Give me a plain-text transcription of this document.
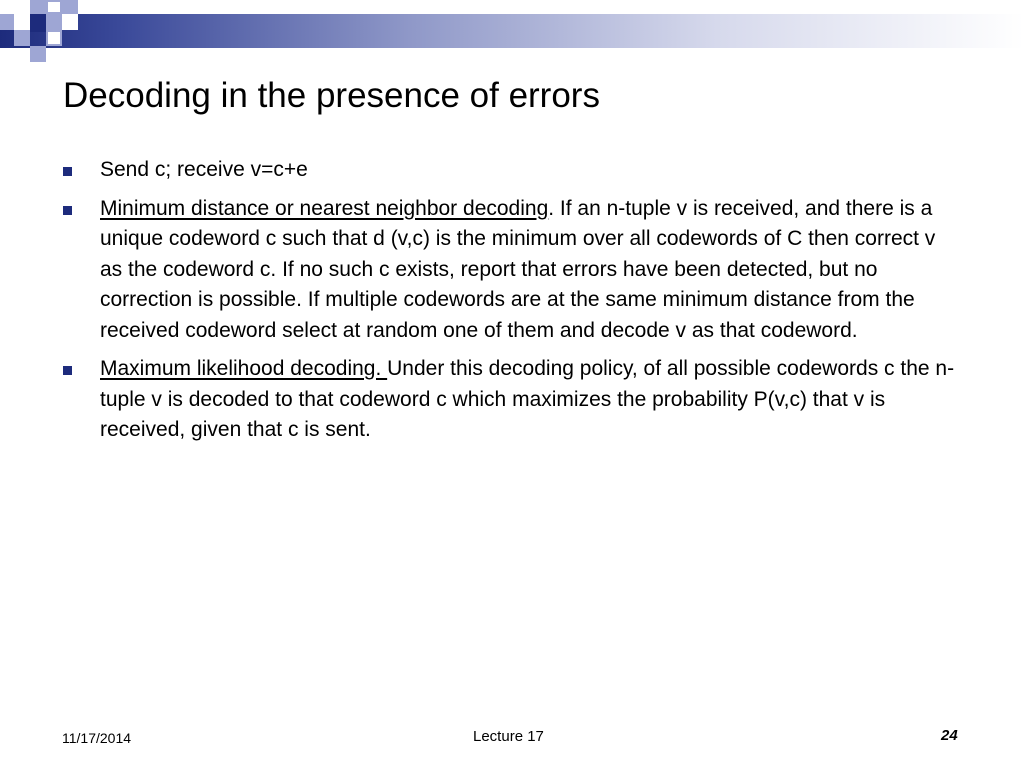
Decoding in the presence of errors
Send c; receive v=c+e
Minimum distance or nearest neighbor decoding. If an n-tuple v is received, and there is a unique codeword c such that d (v,c) is the minimum over all codewords of C then correct v as the codeword c. If no such c exists, report that errors have been detected, but no correction is possible. If multiple codewords are at the same minimum distance from the received codeword select at random one of them and decode v as that codeword.
Maximum likelihood decoding. Under this decoding policy, of all possible codewords c the n-tuple v is decoded to that codeword c which maximizes the probability P(v,c) that v is received, given that c is sent.
11/17/2014	Lecture 17	24
